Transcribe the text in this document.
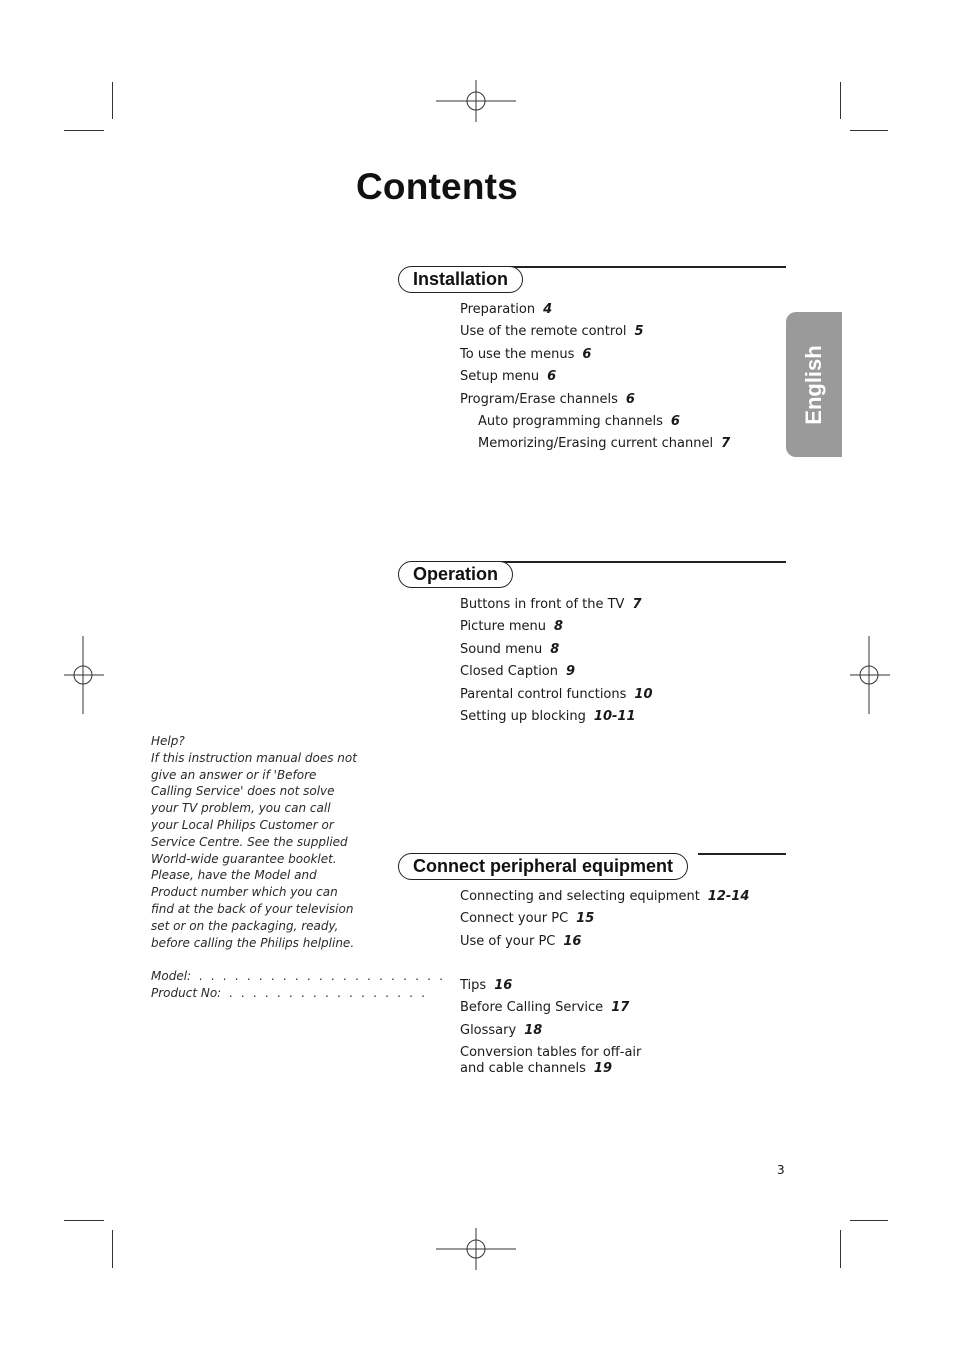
Contents
English
Installation
Preparation 4
Use of the remote control 5
To use the menus 6
Setup menu 6
Program/Erase channels 6
Auto programming channels 6
Memorizing/Erasing current channel 7
Operation
Buttons in front of the TV 7
Picture menu 8
Sound menu 8
Closed Caption 9
Parental control functions 10
Setting up blocking 10-11
Connect peripheral equipment
Connecting and selecting equipment 12-14
Connect your PC 15
Use of your PC 16
Tips 16
Before Calling Service 17
Glossary 18
Conversion tables for off-air
and cable channels 19

Help?

If this instruction manual does not give an answer or if 'Before Calling Service' does not solve your TV problem, you can call your Local Philips Customer or Service Centre. See the supplied World-wide guarantee booklet.

Please, have the Model and Product number which you can find at the back of your television set or on the packaging, ready, before calling the Philips helpline.

Model: . . . . . . . . . . . . . . . . . . . . .
Product No: . . . . . . . . . . . . . . . . .
3
